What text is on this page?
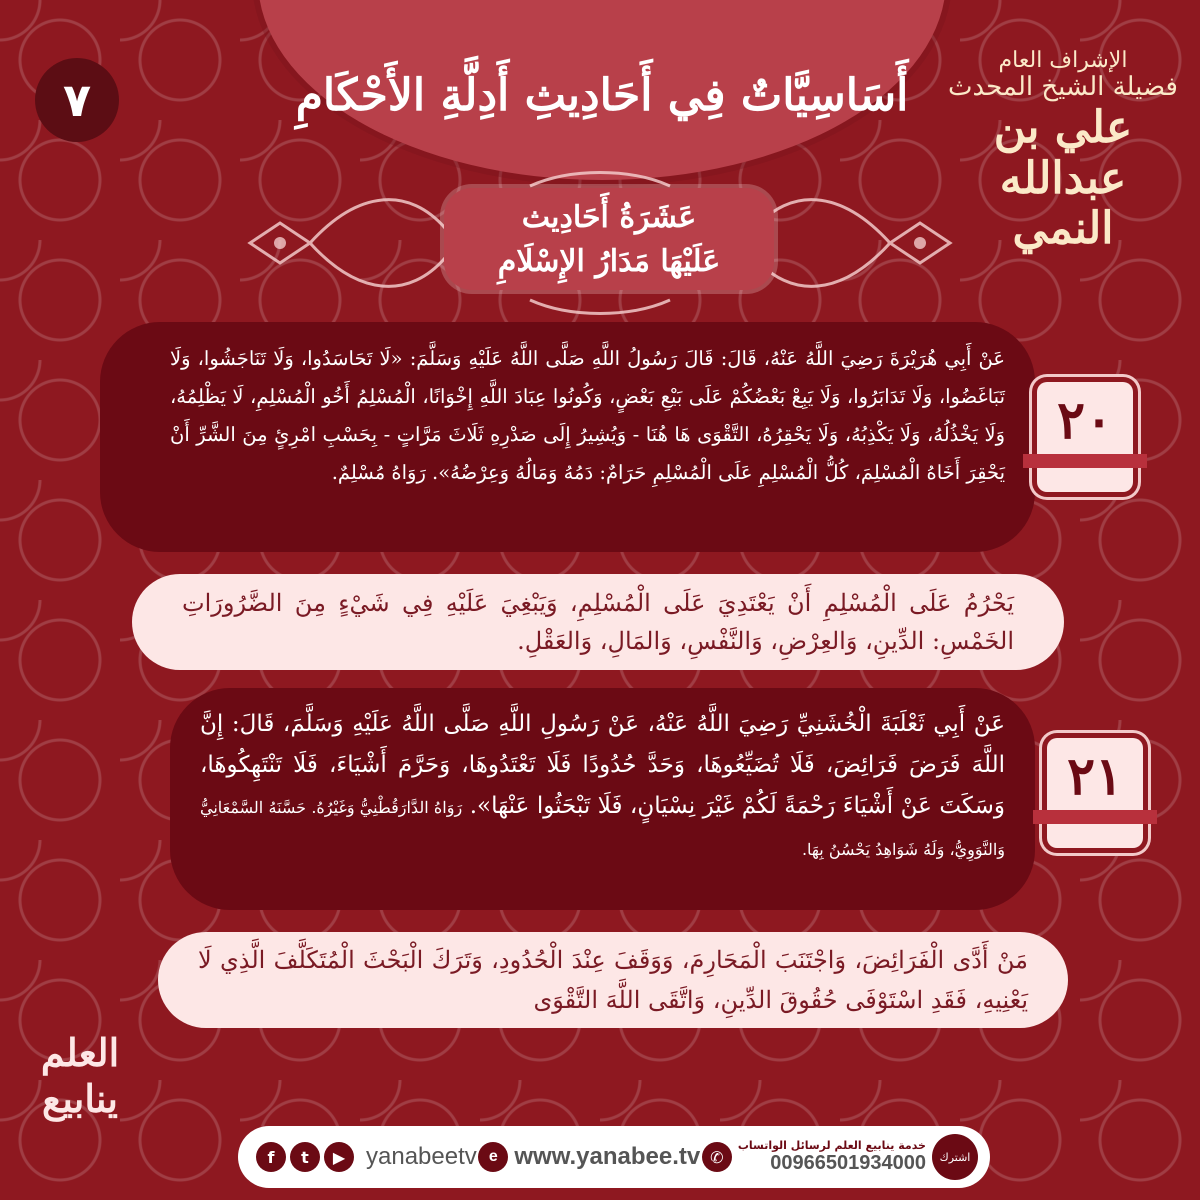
أَسَاسِيَّاتٌ فِي أَحَادِيثِ أَدِلَّةِ الأَحْكَامِ
٧
الإشراف العام
فضيلة الشيخ المحدث
علي بن عبدالله النمي
عَشَرَةُ أَحَادِيث
عَلَيْهَا مَدَارُ الإِسْلَامِ
عَنْ أَبِي هُرَيْرَةَ رَضِيَ اللَّهُ عَنْهُ، قَالَ: قَالَ رَسُولُ اللَّهِ صَلَّى اللَّهُ عَلَيْهِ وَسَلَّمَ: «لَا تَحَاسَدُوا، وَلَا تَنَاجَشُوا، وَلَا تَبَاغَضُوا، وَلَا تَدَابَرُوا، وَلَا يَبِعْ بَعْضُكُمْ عَلَى بَيْعِ بَعْضٍ، وَكُونُوا عِبَادَ اللَّهِ إِخْوَانًا، الْمُسْلِمُ أَخُو الْمُسْلِمِ، لَا يَظْلِمُهُ، وَلَا يَخْذُلُهُ، وَلَا يَكْذِبُهُ، وَلَا يَحْقِرُهُ، التَّقْوَى هَا هُنَا - وَيُشِيرُ إِلَى صَدْرِهِ ثَلَاثَ مَرَّاتٍ - بِحَسْبِ امْرِئٍ مِنَ الشَّرِّ أَنْ يَحْقِرَ أَخَاهُ الْمُسْلِمَ، كُلُّ الْمُسْلِمِ عَلَى الْمُسْلِمِ حَرَامٌ: دَمُهُ وَمَالُهُ وَعِرْضُهُ». رَوَاهُ مُسْلِمٌ.
٢٠
يَحْرُمُ عَلَى الْمُسْلِمِ أَنْ يَعْتَدِيَ عَلَى الْمُسْلِمِ، وَيَبْغِيَ عَلَيْهِ فِي شَيْءٍ مِنَ الضَّرُورَاتِ الخَمْسِ: الدِّينِ، وَالعِرْضِ، وَالنَّفْسِ، وَالمَالِ، وَالعَقْلِ.
عَنْ أَبِي ثَعْلَبَةَ الْخُشَنِيِّ رَضِيَ اللَّهُ عَنْهُ، عَنْ رَسُولِ اللَّهِ صَلَّى اللَّهُ عَلَيْهِ وَسَلَّمَ، قَالَ: إِنَّ اللَّهَ فَرَضَ فَرَائِضَ، فَلَا تُضَيِّعُوهَا، وَحَدَّ حُدُودًا فَلَا تَعْتَدُوهَا، وَحَرَّمَ أَشْيَاءَ، فَلَا تَنْتَهِكُوهَا، وَسَكَتَ عَنْ أَشْيَاءَ رَحْمَةً لَكُمْ غَيْرَ نِسْيَانٍ، فَلَا تَبْحَثُوا عَنْهَا». رَوَاهُ الدَّارَقُطْنِيُّ وَغَيْرُهُ. حَسَّنَهُ السَّمْعَانِيُّ وَالنَّوَوِيُّ، وَلَهُ شَوَاهِدُ يَحْسُنُ بِهَا.
٢١
مَنْ أَدَّى الْفَرَائِضَ، وَاجْتَنَبَ الْمَحَارِمَ، وَوَقَفَ عِنْدَ الْحُدُودِ، وَتَرَكَ الْبَحْثَ الْمُتَكَلَّفَ الَّذِي لَا يَعْنِيهِ، فَقَدِ اسْتَوْفَى حُقُوقَ الدِّينِ، وَاتَّقَى اللَّهَ التَّقْوَى
العلم
ينابيع
f	t	▶ yanabeetv e www.yanabee.tv ✆
خدمة ينابيع العلم لرسائل الواتساب
00966501934000 اشترك
